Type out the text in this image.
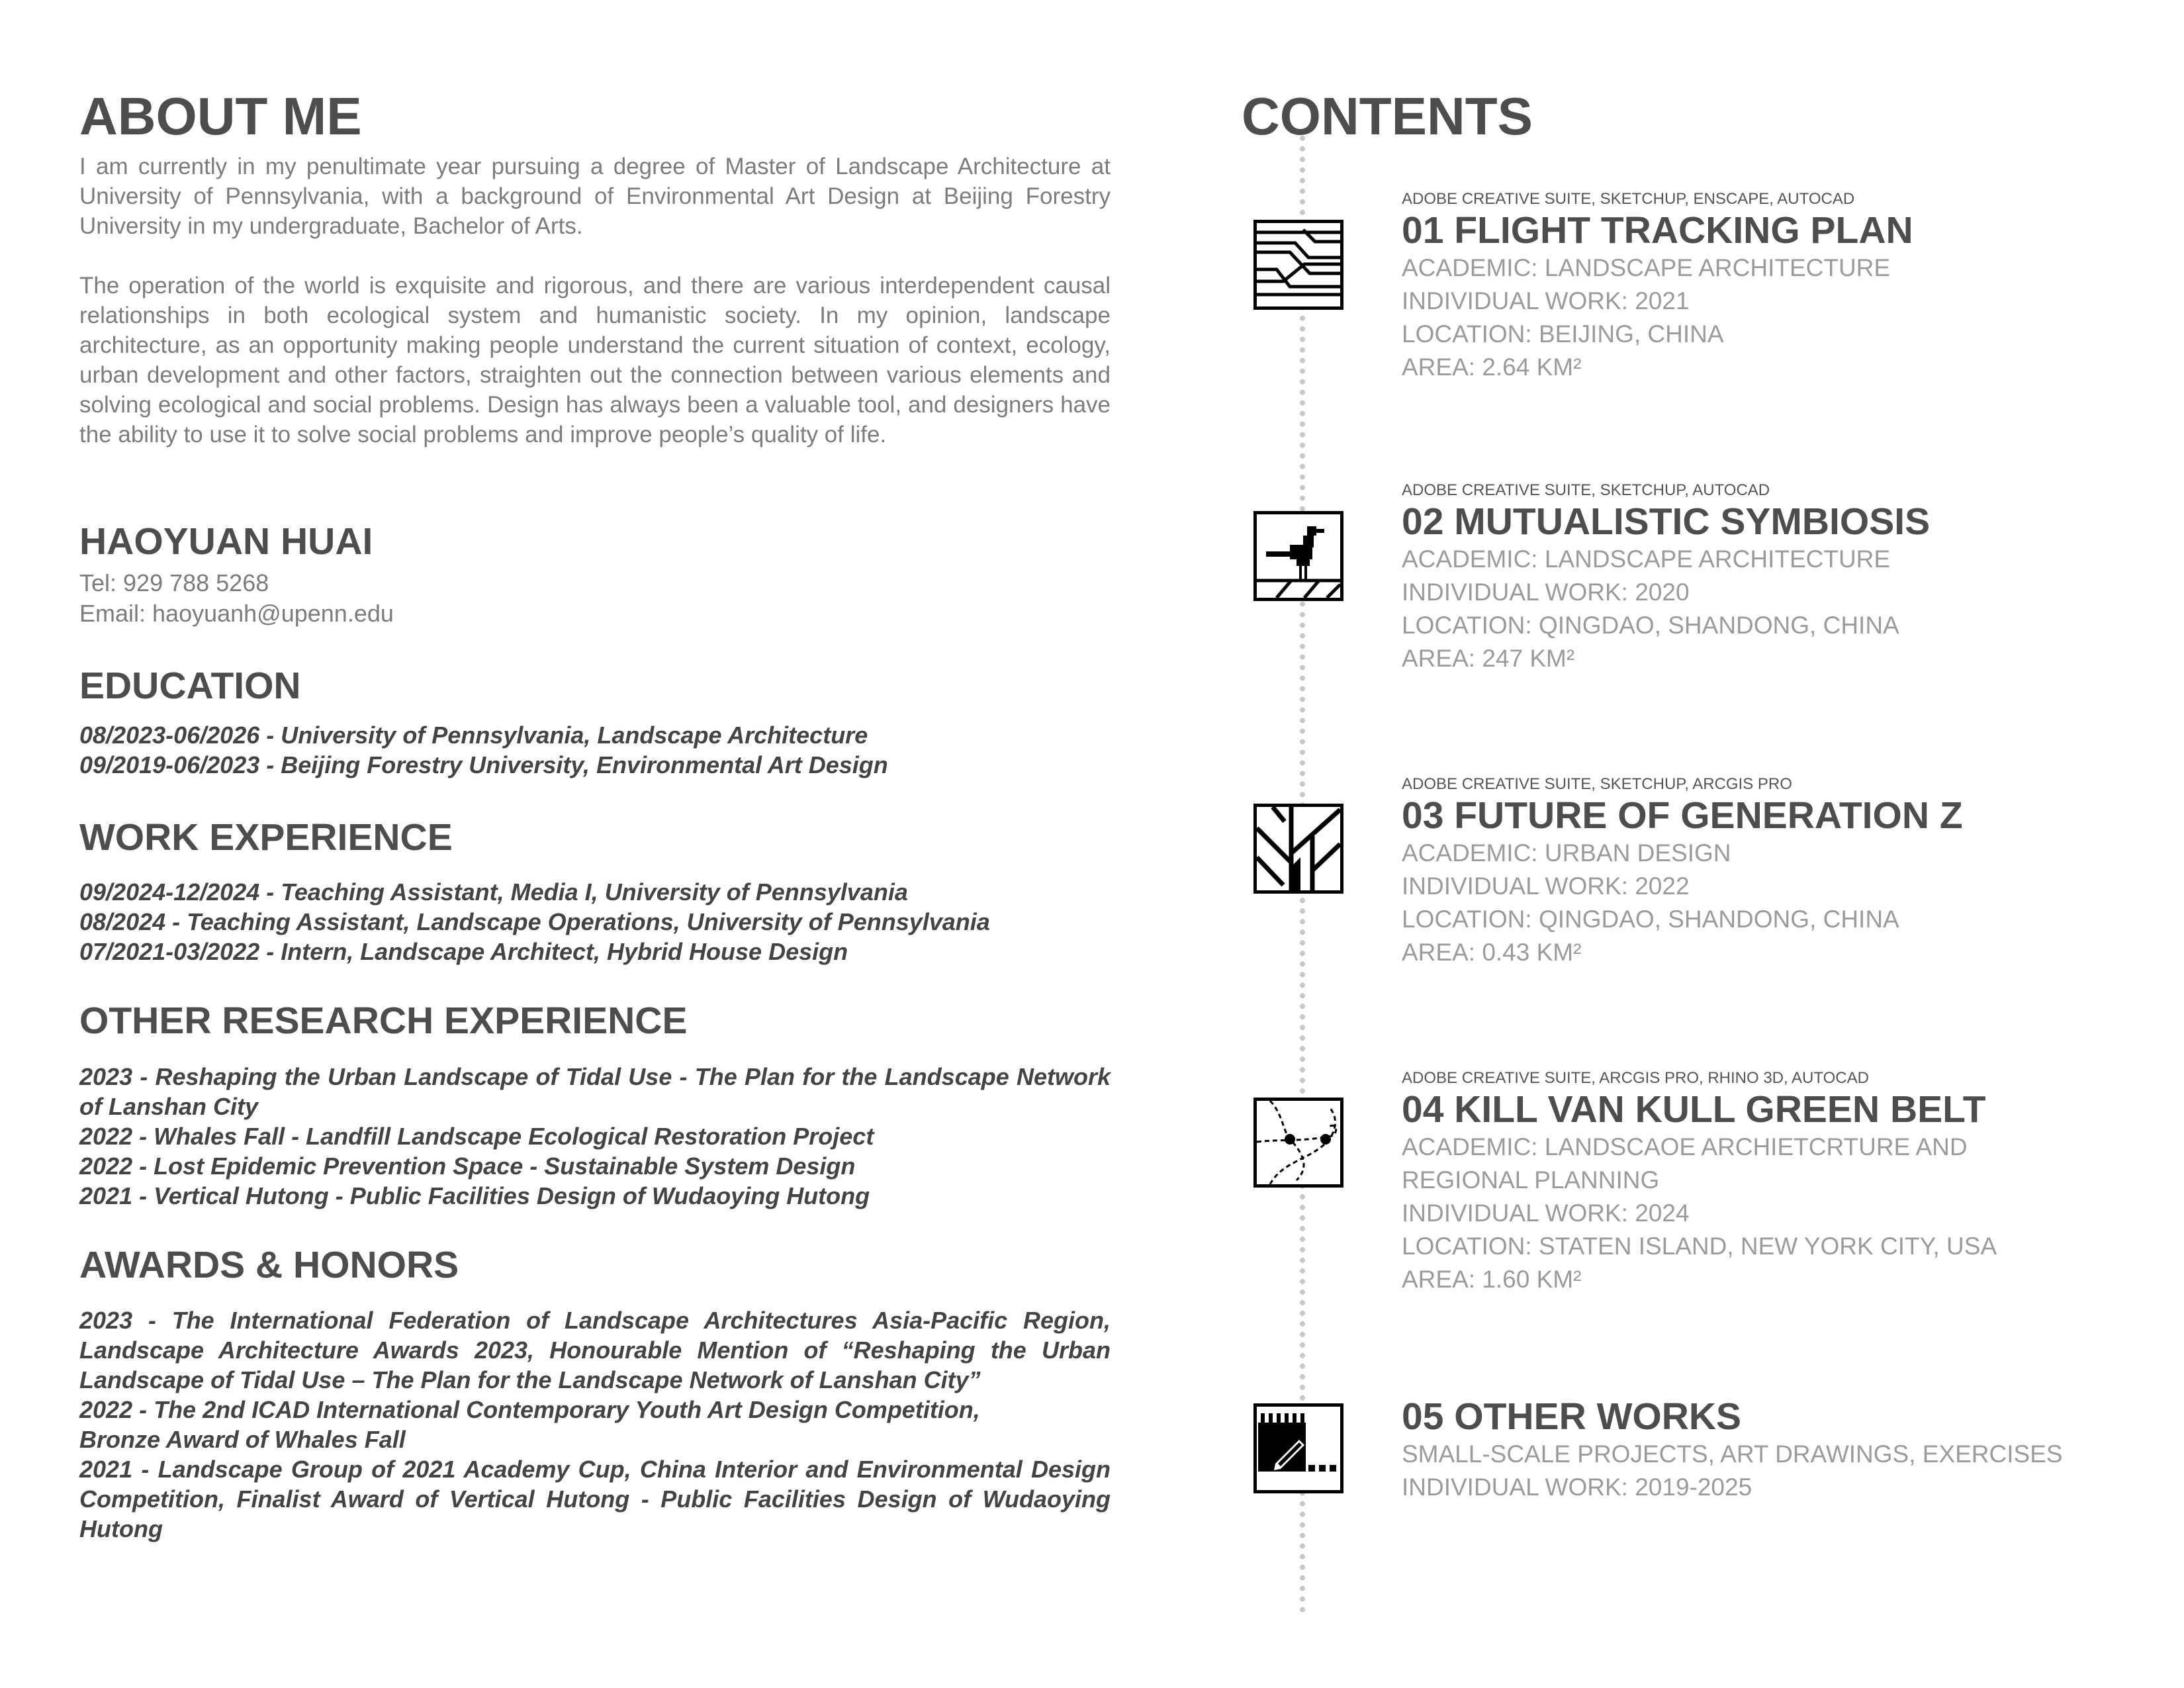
ABOUT ME

I am currently in my penultimate year pursuing a degree of Master of Landscape Architecture at University of Pennsylvania, with a background of Environmental Art Design at Beijing Forestry University in my undergraduate, Bachelor of Arts.

The operation of the world is exquisite and rigorous, and there are various interdependent causal relationships in both ecological system and humanistic society. In my opinion, landscape architecture, as an opportunity making people understand the current situation of context, ecology, urban development and other factors, straighten out the connection between various elements and solving ecological and social problems. Design has always been a valuable tool, and designers have the ability to use it to solve social problems and improve people’s quality of life.

HAOYUAN HUAI

Tel: 929 788 5268

Email: haoyuanh@upenn.edu

EDUCATION
08/2023-06/2026 - University of Pennsylvania, Landscape Architecture
09/2019-06/2023 - Beijing Forestry University, Environmental Art Design
WORK EXPERIENCE
09/2024-12/2024 - Teaching Assistant, Media I, University of Pennsylvania
08/2024 - Teaching Assistant, Landscape Operations, University of Pennsylvania
07/2021-03/2022 - Intern, Landscape Architect, Hybrid House Design
OTHER RESEARCH EXPERIENCE
2023 - Reshaping the Urban Landscape of Tidal Use - The Plan for the Landscape Network of Lanshan City
2022 - Whales Fall - Landfill Landscape Ecological Restoration Project
2022 - Lost Epidemic Prevention Space - Sustainable System Design
2021 - Vertical Hutong - Public Facilities Design of Wudaoying Hutong
AWARDS & HONORS
2023 - The International Federation of Landscape Architectures Asia-Pacific Region, Landscape Architecture Awards 2023, Honourable Mention of “Reshaping the Urban Landscape of Tidal Use – The Plan for the Landscape Network of Lanshan City”
2022 - The 2nd ICAD International Contemporary Youth Art Design Competition, Bronze Award of Whales Fall
2021 - Landscape Group of 2021 Academy Cup, China Interior and Environmental Design Competition, Finalist Award of Vertical Hutong - Public Facilities Design of Wudaoying Hutong
CONTENTS

ADOBE CREATIVE SUITE, SKETCHUP, ENSCAPE, AUTOCAD

01 FLIGHT TRACKING PLAN

ACADEMIC: LANDSCAPE ARCHITECTURE

INDIVIDUAL WORK: 2021

LOCATION: BEIJING, CHINA

AREA: 2.64 KM²

ADOBE CREATIVE SUITE, SKETCHUP, AUTOCAD

02 MUTUALISTIC SYMBIOSIS

ACADEMIC: LANDSCAPE ARCHITECTURE

INDIVIDUAL WORK: 2020

LOCATION: QINGDAO, SHANDONG, CHINA

AREA: 247 KM²

ADOBE CREATIVE SUITE, SKETCHUP, ARCGIS PRO

03 FUTURE OF GENERATION Z

ACADEMIC: URBAN DESIGN

INDIVIDUAL WORK: 2022

LOCATION: QINGDAO, SHANDONG, CHINA

AREA: 0.43 KM²

ADOBE CREATIVE SUITE, ARCGIS PRO, RHINO 3D, AUTOCAD

04 KILL VAN KULL GREEN BELT

ACADEMIC: LANDSCAOE ARCHIETCRTURE AND

REGIONAL PLANNING

INDIVIDUAL WORK: 2024

LOCATION: STATEN ISLAND, NEW YORK CITY, USA

AREA: 1.60 KM²

05 OTHER WORKS

SMALL-SCALE PROJECTS, ART DRAWINGS, EXERCISES

INDIVIDUAL WORK: 2019-2025
